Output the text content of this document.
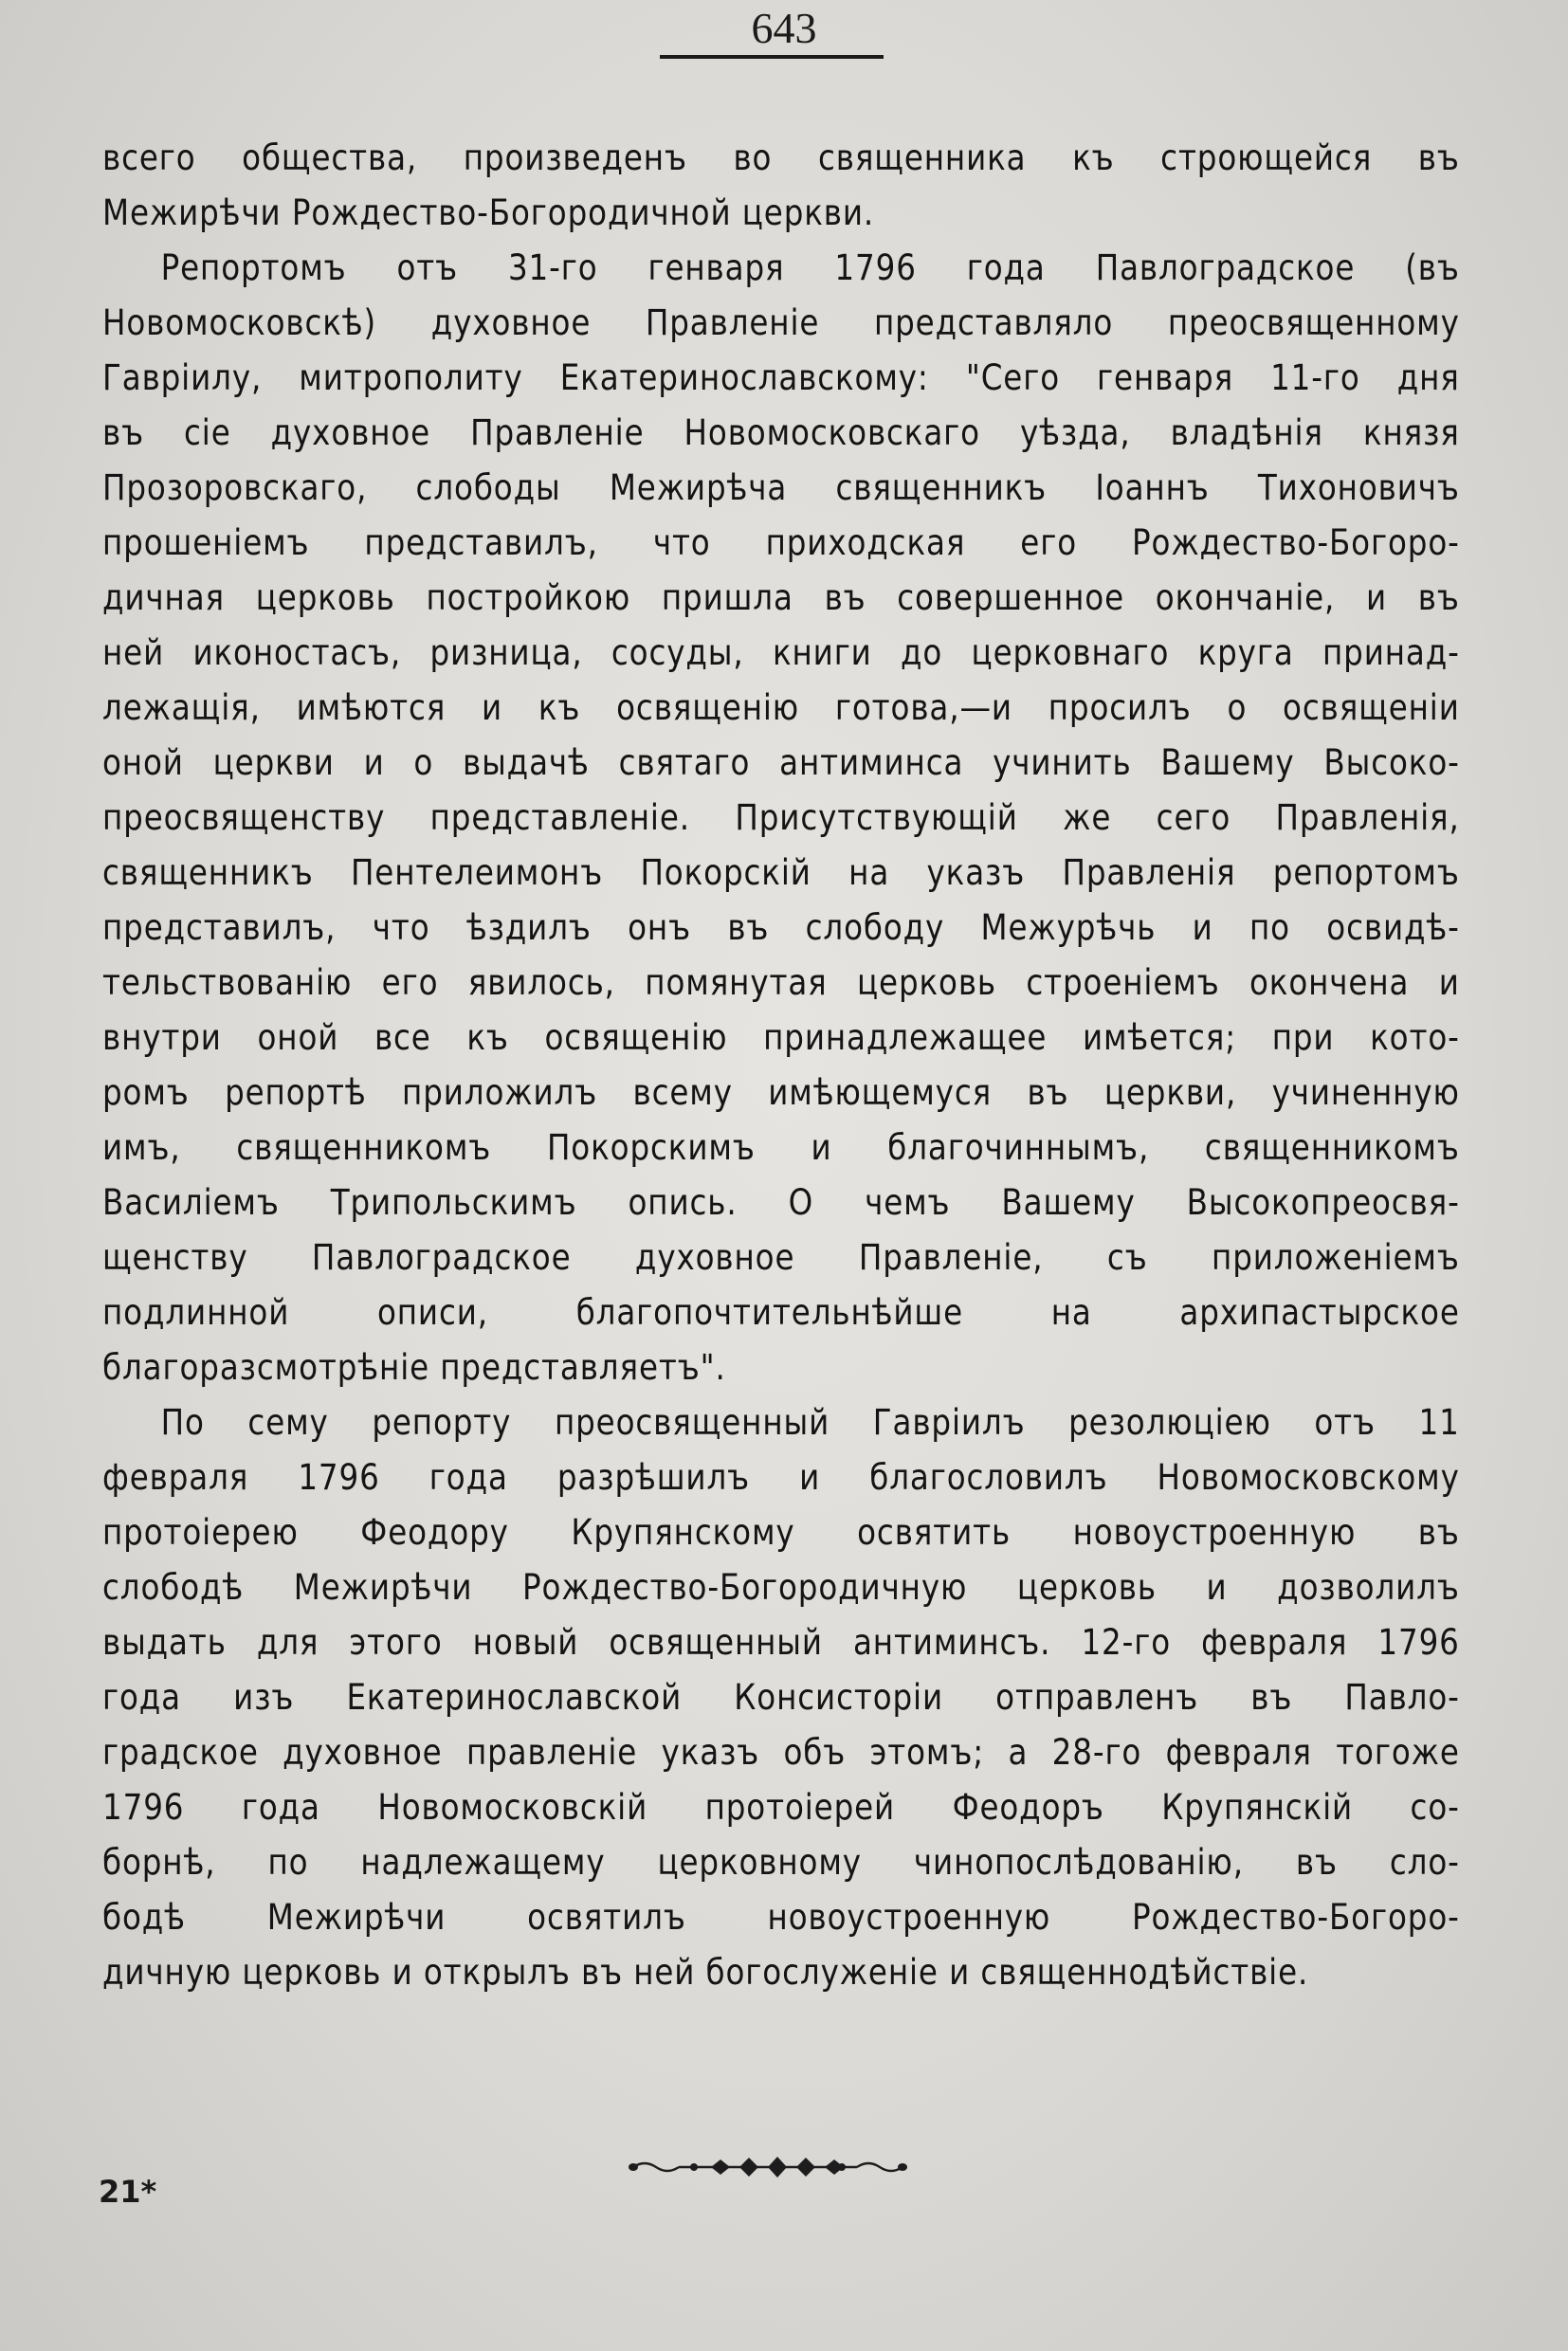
643
всего общества, произведенъ во священника къ строющейся въ
Межирѣчи Рождество-Богородичной церкви.
Репортомъ отъ 31-го генваря 1796 года Павлоградское (въ
Новомосковскѣ) духовное Правленіе представляло преосвященному
Гавріилу, митрополиту Екатеринославскому: "Сего генваря 11-го дня
въ сіе духовное Правленіе Новомосковскаго уѣзда, владѣнія князя
Прозоровскаго, слободы Межирѣча священникъ Іоаннъ Тихоновичъ
прошеніемъ представилъ, что приходская его Рождество-Богоро-
дичная церковь постройкою пришла въ совершенное окончаніе, и въ
ней иконостасъ, ризница, сосуды, книги до церковнаго круга принад-
лежащія, имѣются и къ освященію готова,—и просилъ о освященіи
оной церкви и о выдачѣ святаго антиминса учинить Вашему Высоко-
преосвященству представленіе. Присутствующій же сего Правленія,
священникъ Пентелеимонъ Покорскій на указъ Правленія репортомъ
представилъ, что ѣздилъ онъ въ слободу Межурѣчь и по освидѣ-
тельствованію его явилось, помянутая церковь строеніемъ окончена и
внутри оной все къ освященію принадлежащее имѣется; при кото-
ромъ репортѣ приложилъ всему имѣющемуся въ церкви, учиненную
имъ, священникомъ Покорскимъ и благочиннымъ, священникомъ
Василіемъ Трипольскимъ опись. О чемъ Вашему Высокопреосвя-
щенству Павлоградское духовное Правленіе, съ приложеніемъ
подлинной описи, благопочтительнѣйше на архипастырское
благоразсмотрѣніе представляетъ".
По сему репорту преосвященный Гавріилъ резолюціею отъ 11
февраля 1796 года разрѣшилъ и благословилъ Новомосковскому
протоіерею Феодору Крупянскому освятить новоустроенную въ
слободѣ Межирѣчи Рождество-Богородичную церковь и дозволилъ
выдать для этого новый освященный антиминсъ. 12-го февраля 1796
года изъ Екатеринославской Консисторіи отправленъ въ Павло-
градское духовное правленіе указъ объ этомъ; а 28-го февраля тогоже
1796 года Новомосковскій протоіерей Феодоръ Крупянскій со-
борнѣ, по надлежащему церковному чинопослѣдованію, въ сло-
бодѣ Межирѣчи освятилъ новоустроенную Рождество-Богоро-
дичную церковь и открылъ въ ней богослуженіе и священнодѣйствіе.
21*
